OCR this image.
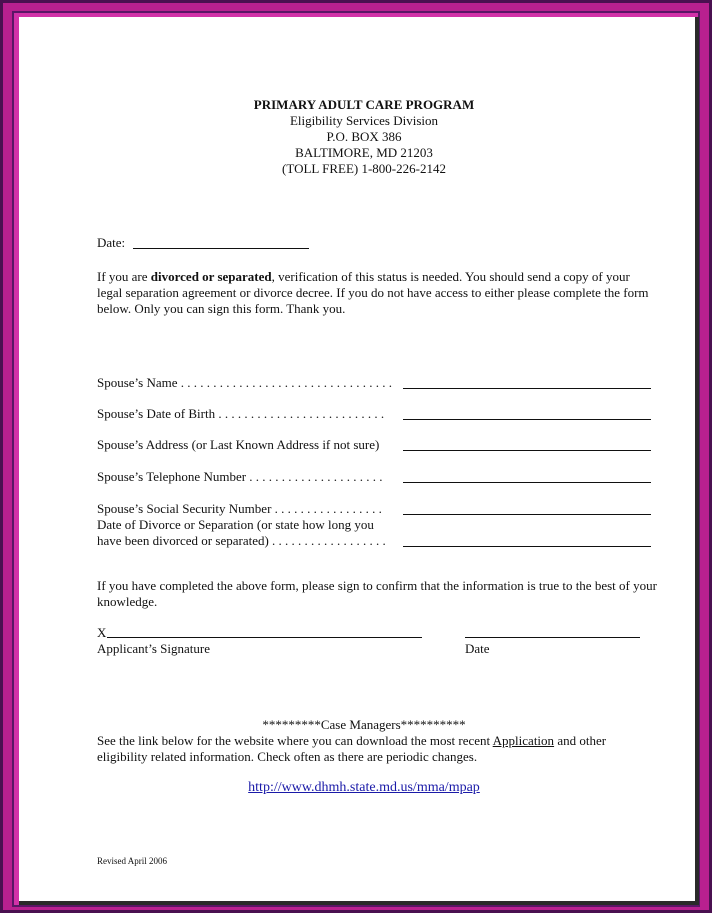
PRIMARY ADULT CARE PROGRAM
Eligibility Services Division
P.O. BOX 386
BALTIMORE, MD 21203
(TOLL FREE) 1-800-226-2142
Date:
If you are divorced or separated, verification of this status is needed. You should send a copy of your legal separation agreement or divorce decree. If you do not have access to either please complete the form below. Only you can sign this form. Thank you.
Spouse’s Name . . . . . . . . . . . . . . . . . . . . . . . . . . . . . . . . .
Spouse’s Date of Birth . . . . . . . . . . . . . . . . . . . . . . . . . .
Spouse’s Address (or Last Known Address if not sure)
Spouse’s Telephone Number . . . . . . . . . . . . . . . . . . . . .
Spouse’s Social Security Number . . . . . . . . . . . . . . . . .
Date of Divorce or Separation (or state how long you
have been divorced or separated) . . . . . . . . . . . . . . . . . .
If you have completed the above form, please sign to confirm that the information is true to the best of your knowledge.
X
Applicant’s Signature	Date
*********Case Managers**********
See the link below for the website where you can download the most recent Application and other eligibility related information. Check often as there are periodic changes.
http://www.dhmh.state.md.us/mma/mpap
Revised April 2006
